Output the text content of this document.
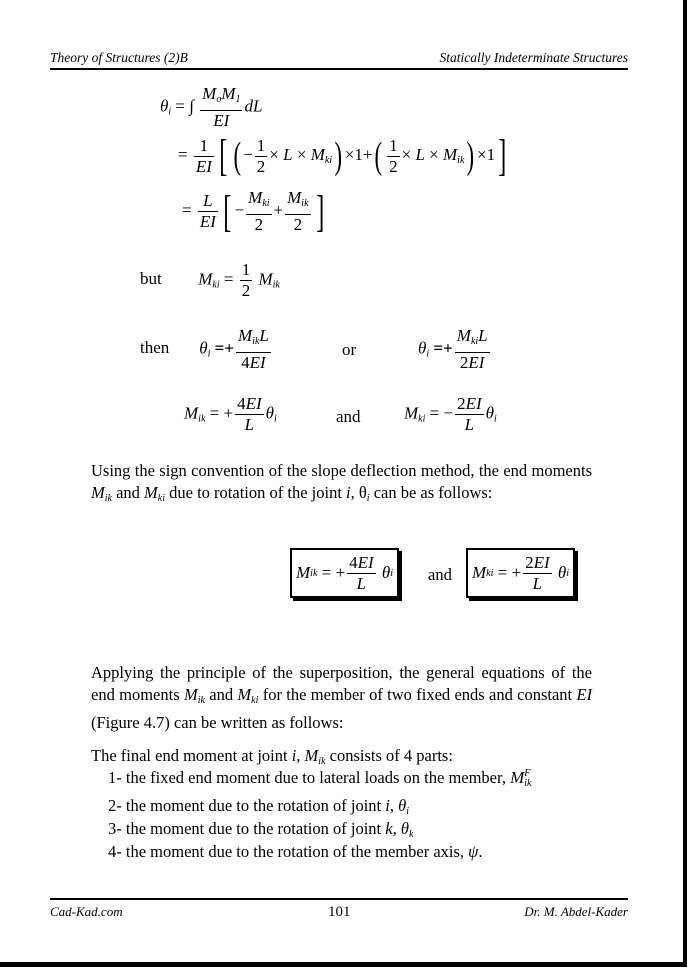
Theory of Structures (2)B	Statically Indeterminate Structures
$\theta_i$ = ∫ $\frac{M_oM_1}{EI}$ dL
= $\frac{1}{EI}$ [ ( − $\frac{1}{2} \times L \times M_{ki}) \times 1+( \frac{1}{2} \times L \times M_{ik}) \times 1$]
= $\frac{L}{EI}$ [ − $\frac{M_{ki}}{2} + \frac{M_{ik}}{2}$ ]
but $M_{ki} = \frac{1}{2} M_{ik}$
then $\theta_i =+ \frac{M_{ik}L}{4EI}$	or	$\theta_i =+ \frac{M_{ki}L}{2EI}$
$M_{ik}$ = + $\frac{4EI}{L} \theta_i$	and	$M_{ki}$ = − $\frac{2EI}{L} \theta_i$
Using the sign convention of the slope deflection method, the end moments $M_{ik}$ and $M_{ki}$ due to rotation of the joint i, $\theta_i$ can be as follows:
M ik = + $\frac{4EI}{L}$
θ i and M ki = + $\frac{2EI}{L}$
θ i
Applying the principle of the superposition, the general equations of the end moments $M_{ik}$ and $M_{ki}$ for the member of two fixed ends and constant EI (Figure 4.7) can be written as follows:
The final end moment at joint i, $M_{ik}$ consists of 4 parts:
1- the fixed end moment due to lateral loads on the member, M F
ik
2- the moment due to the rotation of joint i, $\theta_i$
3- the moment due to the rotation of joint k, $\theta_k$
4- the moment due to the rotation of the member axis, ψ.
Cad-Kad.com	101	Dr. M. Abdel-Kader
